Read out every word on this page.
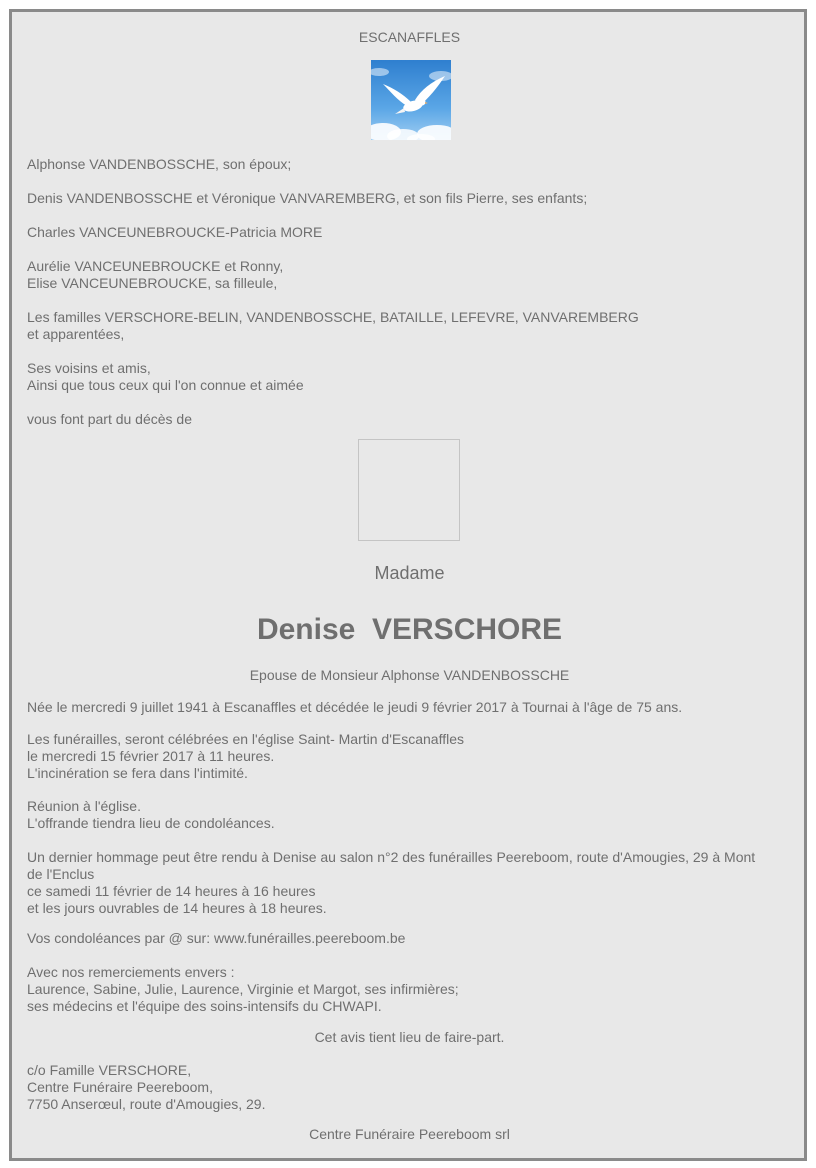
ESCANAFFLES
Alphonse VANDENBOSSCHE, son époux;
Denis VANDENBOSSCHE et Véronique VANVAREMBERG, et son fils Pierre, ses enfants;
Charles VANCEUNEBROUCKE-Patricia MORE
Aurélie VANCEUNEBROUCKE et Ronny,
Elise VANCEUNEBROUCKE, sa filleule,
Les familles VERSCHORE-BELIN, VANDENBOSSCHE, BATAILLE, LEFEVRE, VANVAREMBERG
et apparentées,
Ses voisins et amis,
Ainsi que tous ceux qui l'on connue et aimée
vous font part du décès de
Madame
Denise  VERSCHORE
Epouse de Monsieur Alphonse VANDENBOSSCHE
Née le mercredi 9 juillet 1941 à Escanaffles et décédée le jeudi 9 février 2017 à Tournai à l'âge de 75 ans.
Les funérailles, seront célébrées en l'église Saint- Martin d'Escanaffles
le mercredi 15 février 2017 à 11 heures.
L'incinération se fera dans l'intimité.
Réunion à l'église.
L'offrande tiendra lieu de condoléances.
Un dernier hommage peut être rendu à Denise au salon n°2 des funérailles Peereboom, route d'Amougies, 29 à Mont
de l'Enclus
ce samedi 11 février de 14 heures à 16 heures
et les jours ouvrables de 14 heures à 18 heures.
Vos condoléances par @ sur: www.funérailles.peereboom.be
Avec nos remerciements envers :
Laurence, Sabine, Julie, Laurence, Virginie et Margot, ses infirmières;
ses médecins et l'équipe des soins-intensifs du CHWAPI.
Cet avis tient lieu de faire-part.
c/o Famille VERSCHORE,
Centre Funéraire Peereboom,
7750 Anserœul, route d'Amougies, 29.
Centre Funéraire Peereboom srl
